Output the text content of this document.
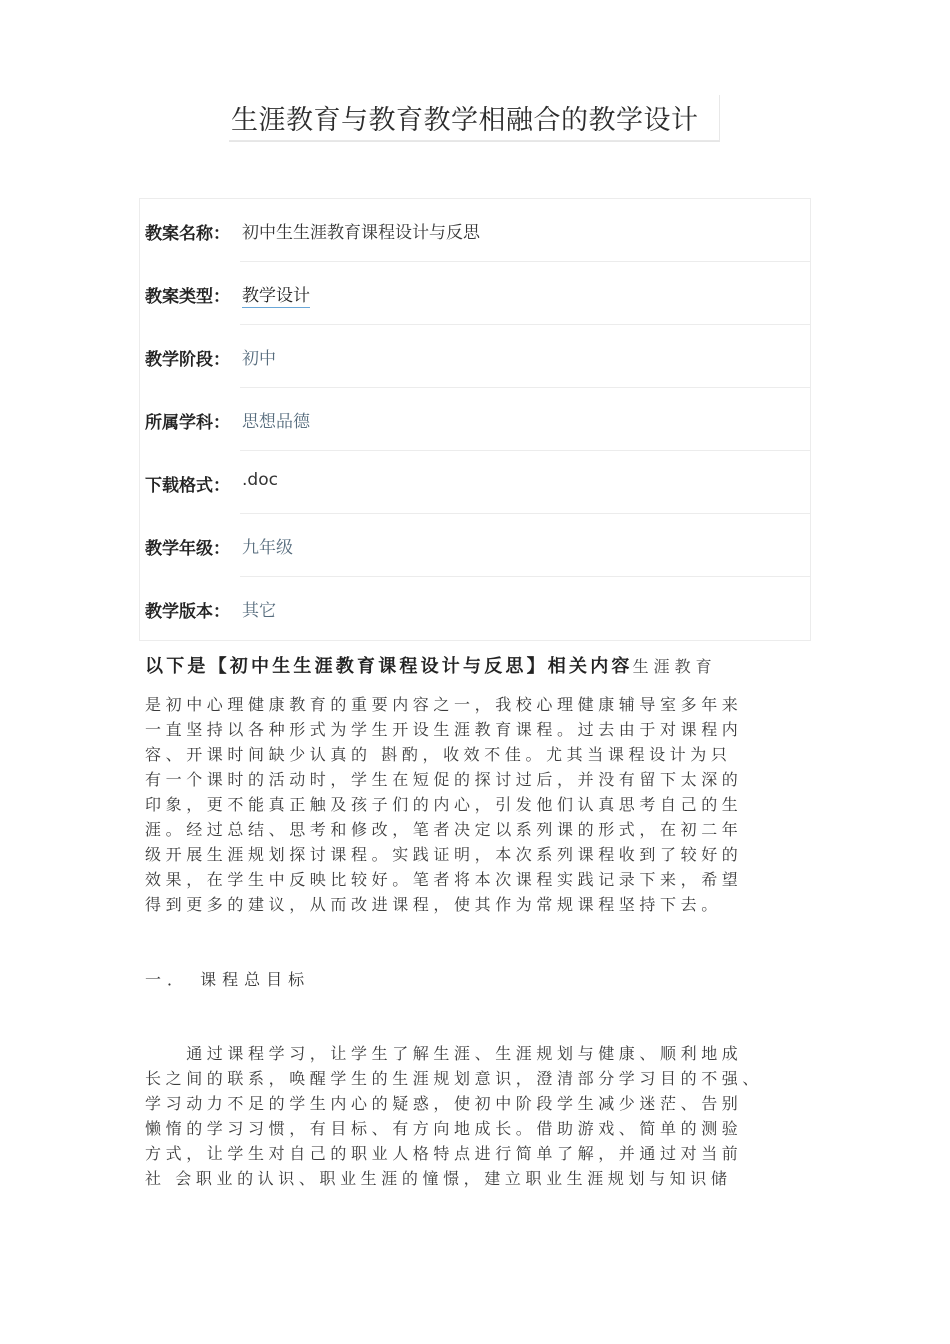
生涯教育与教育教学相融合的教学设计
教案名称： 初中生生涯教育课程设计与反思
教案类型： 教学设计
教学阶段： 初中
所属学科： 思想品德
下载格式： .doc
教学年级： 九年级
教学版本： 其它
以下是【初中生生涯教育课程设计与反思】相关内容生涯教育
是初中心理健康教育的重要内容之一，我校心理健康辅导室多年来
一直坚持以各种形式为学生开设生涯教育课程。过去由于对课程内
容、开课时间缺少认真的 斟酌，收效不佳。尤其当课程设计为只
有一个课时的活动时，学生在短促的探讨过后，并没有留下太深的
印象，更不能真正触及孩子们的内心，引发他们认真思考自己的生
涯。经过总结、思考和修改，笔者决定以系列课的形式，在初二年
级开展生涯规划探讨课程。实践证明，本次系列课程收到了较好的
效果，在学生中反映比较好。笔者将本次课程实践记录下来，希望
得到更多的建议，从而改进课程，使其作为常规课程坚持下去。
一． 课程总目标
　　通过课程学习，让学生了解生涯、生涯规划与健康、顺利地成
长之间的联系，唤醒学生的生涯规划意识，澄清部分学习目的不强、
学习动力不足的学生内心的疑惑，使初中阶段学生减少迷茫、告别
懒惰的学习习惯，有目标、有方向地成长。借助游戏、简单的测验
方式，让学生对自己的职业人格特点进行简单了解，并通过对当前
社 会职业的认识、职业生涯的憧憬，建立职业生涯规划与知识储
